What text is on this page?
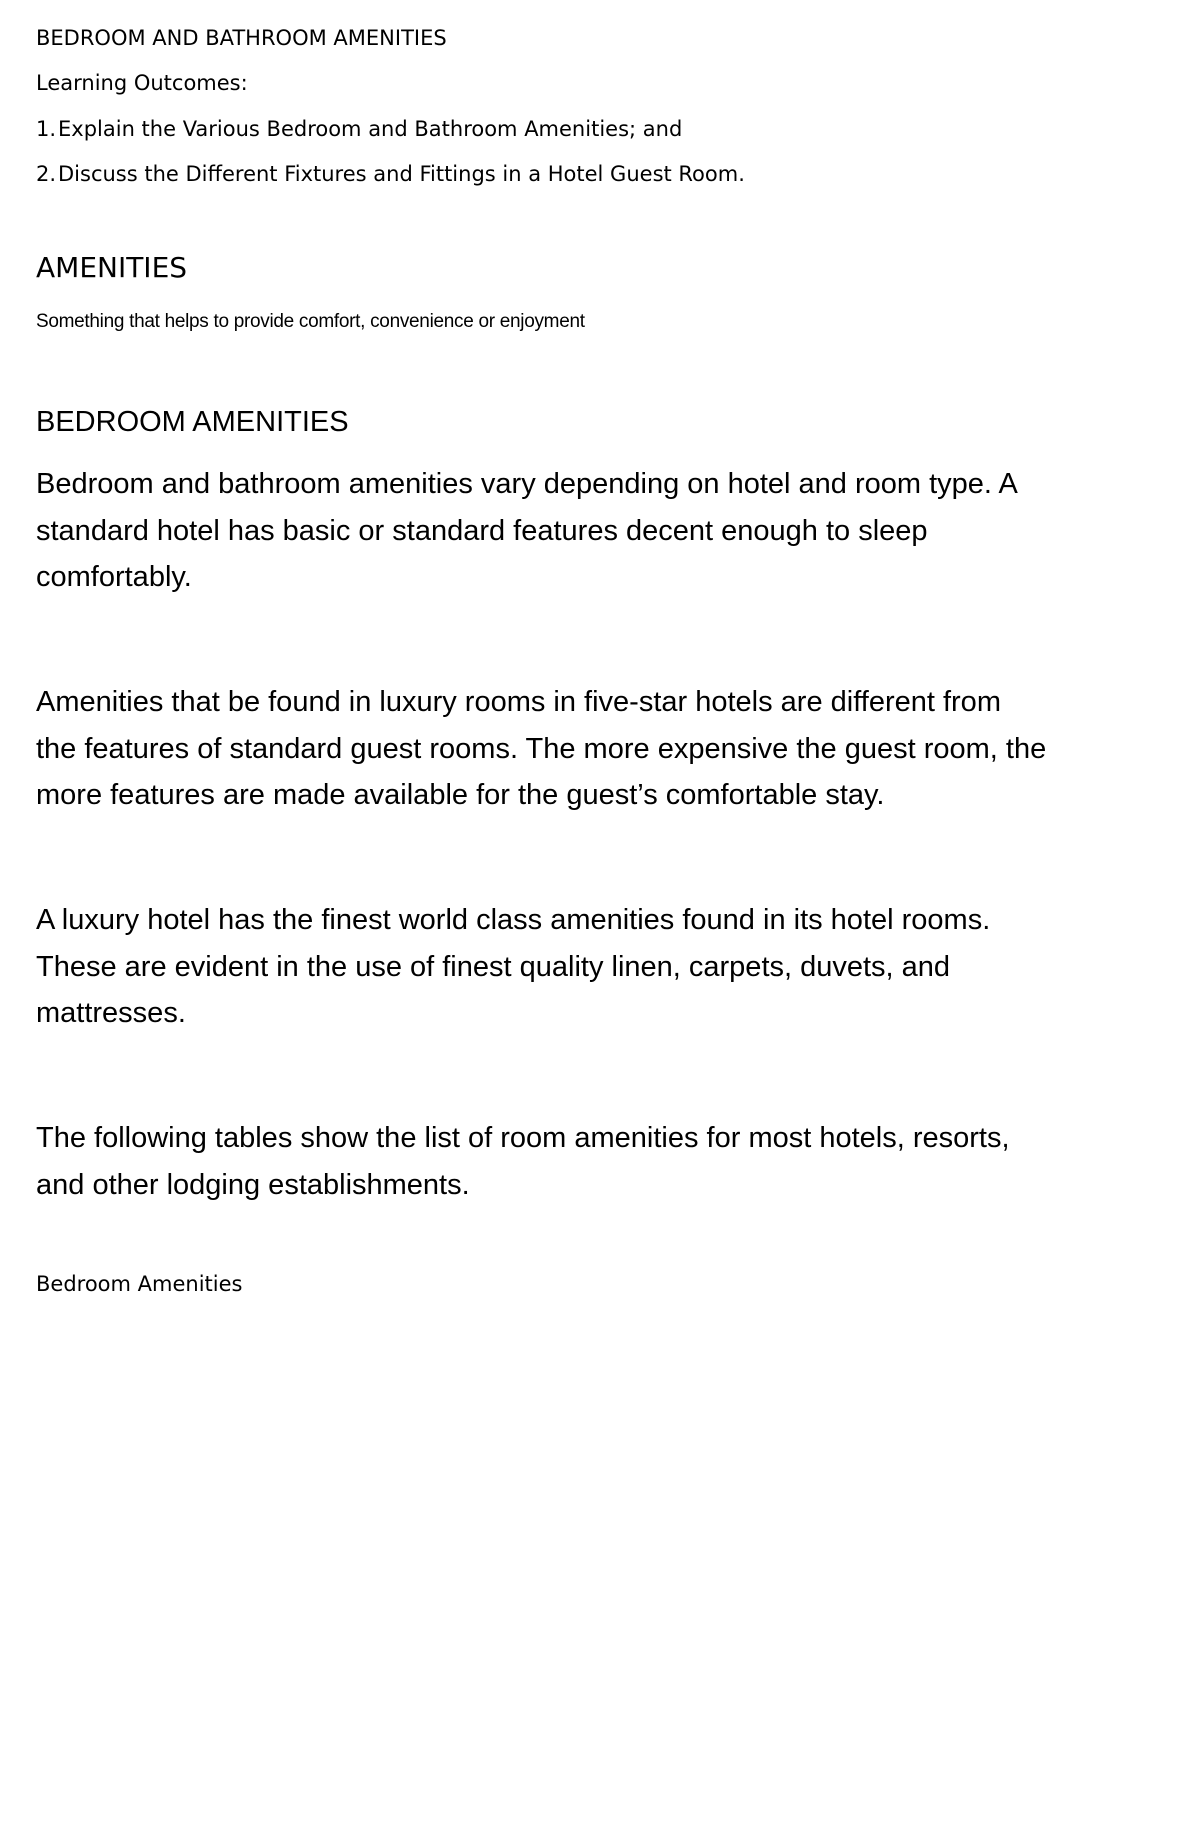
BEDROOM AND BATHROOM AMENITIES

Learning Outcomes:

1. Explain the Various Bedroom and Bathroom Amenities; and
2. Discuss the Different Fixtures and Fittings in a Hotel Guest Room.
AMENITIES

Something that helps to provide comfort, convenience or enjoyment

BEDROOM AMENITIES

Bedroom and bathroom amenities vary depending on hotel and room type. A
standard hotel has basic or standard features decent enough to sleep
comfortably.

Amenities that be found in luxury rooms in five-star hotels are different from
the features of standard guest rooms. The more expensive the guest room, the
more features are made available for the guest’s comfortable stay.

A luxury hotel has the finest world class amenities found in its hotel rooms.
These are evident in the use of finest quality linen, carpets, duvets, and
mattresses.

The following tables show the list of room amenities for most hotels, resorts,
and other lodging establishments.

Bedroom Amenities
